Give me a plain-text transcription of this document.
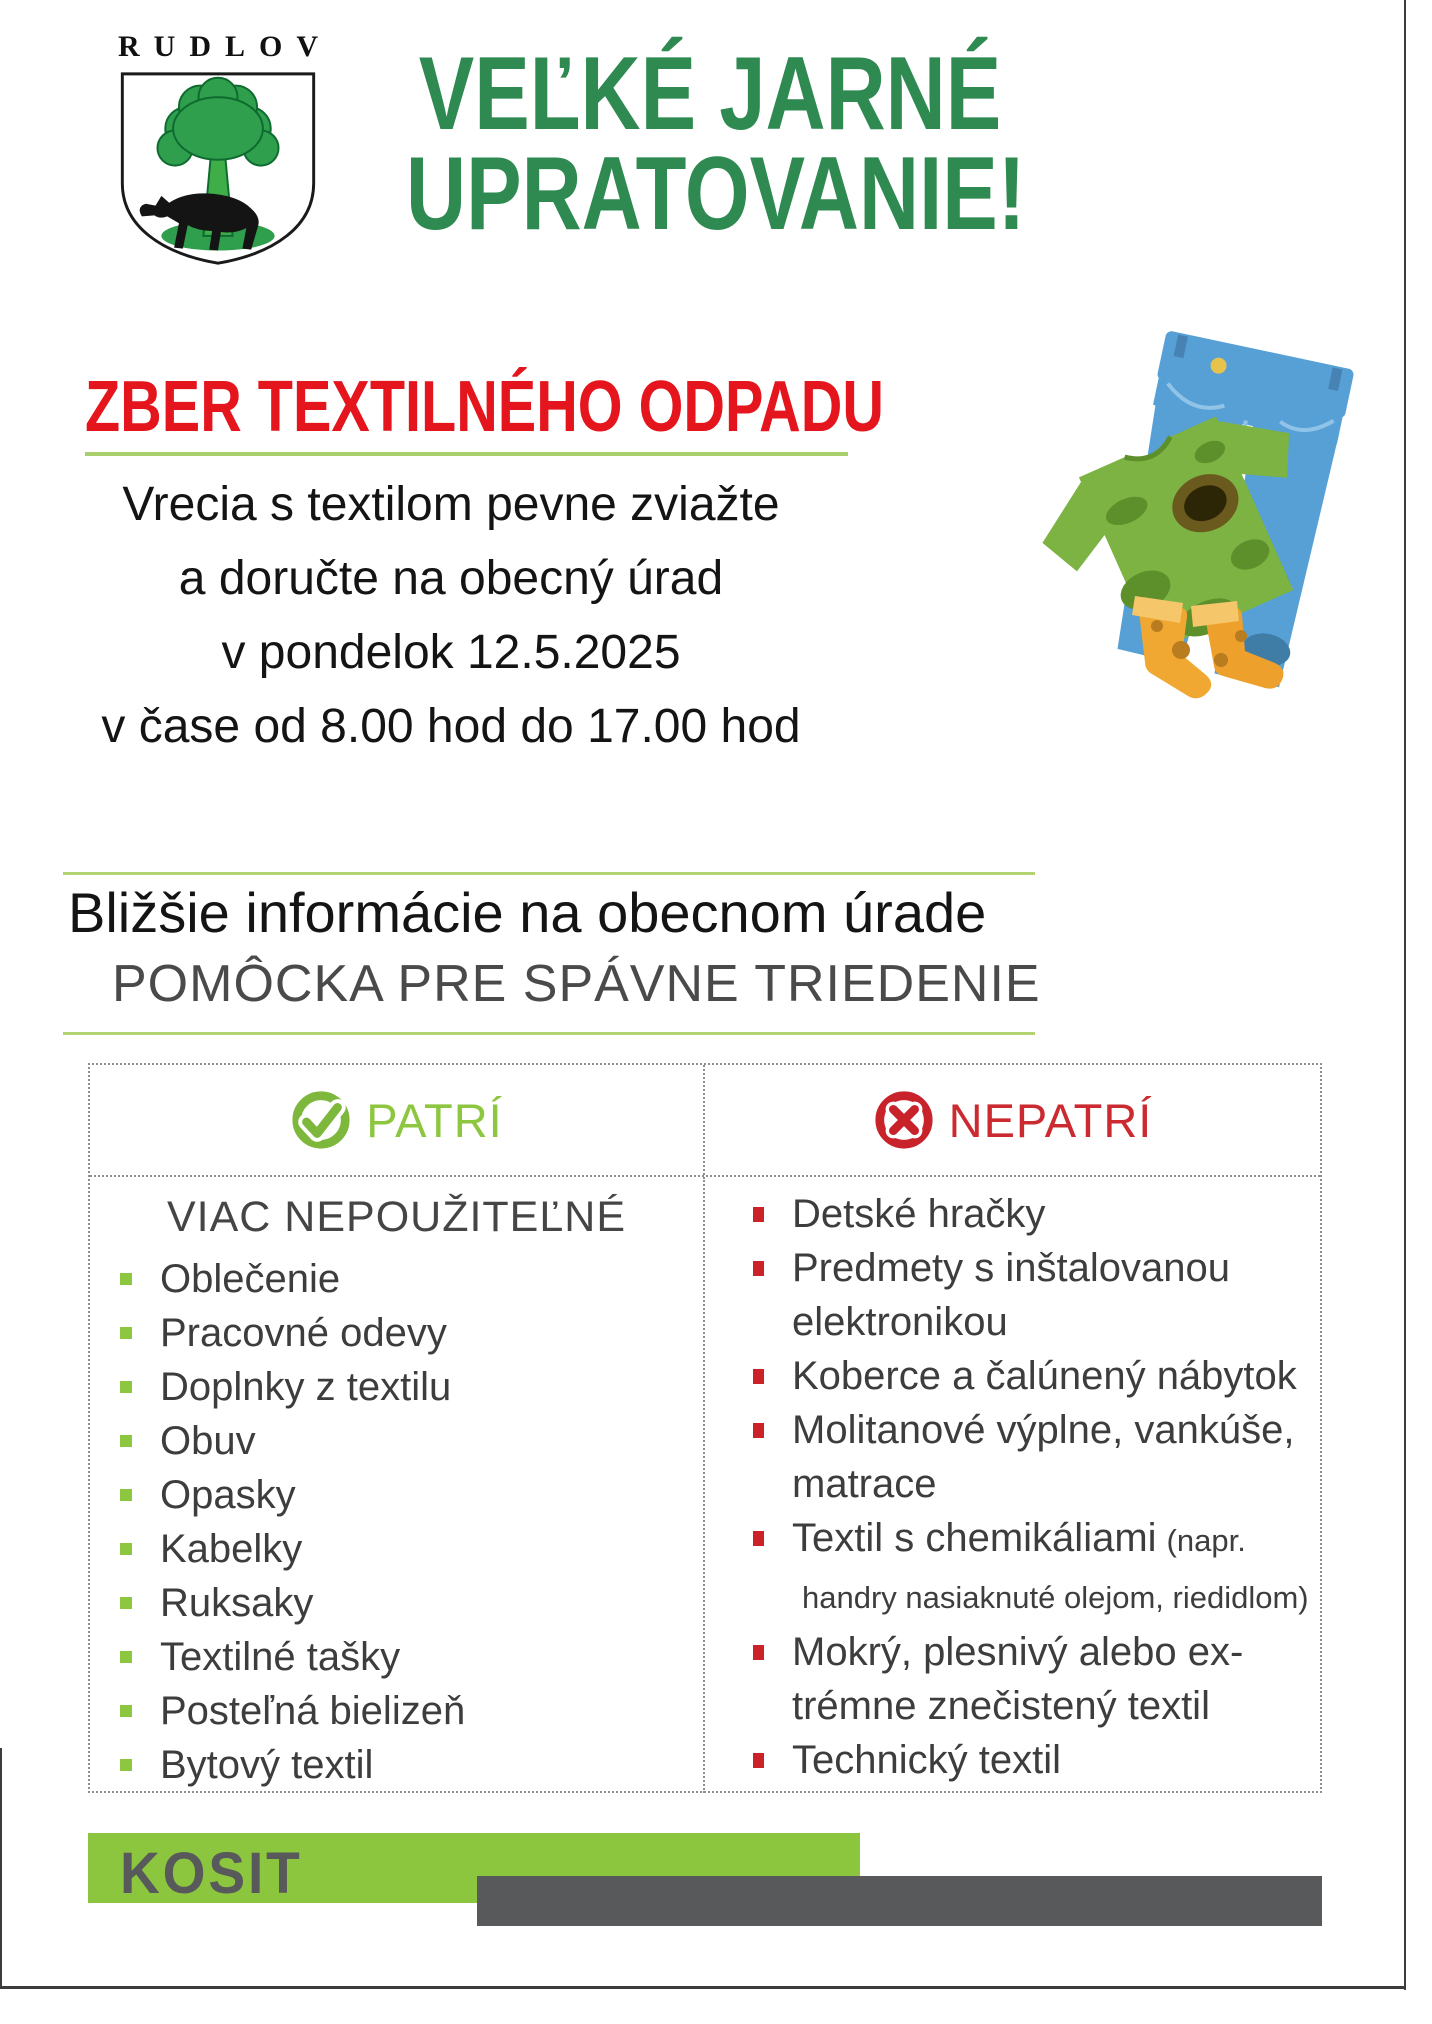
RUDLOV VEĽKÉ JARNÉ
UPRATOVANIE!
ZBER TEXTILNÉHO ODPADU
Vrecia s textilom pevne zviažte
a doručte na obecný úrad
v pondelok 12.5.2025
v čase od 8.00 hod do 17.00 hod
Bližšie informácie na obecnom úrade
POMÔCKA PRE SPÁVNE TRIEDENIE
PATRÍ	NEPATRÍ
VIAC NEPOUŽITEĽNÉ
Oblečenie
Pracovné odevy
Doplnky z textilu
Obuv
Opasky
Kabelky
Ruksaky
Textilné tašky
Posteľná bielizeň
Bytový textil
Detské hračky
Predmety s inštalovanou
elektronikou
Koberce a čalúnený nábytok
Molitanové výplne, vankúše,
matrace
Textil s chemikáliami (napr.
handry nasiaknuté olejom, riedidlom)
Mokrý, plesnivý alebo ex-
trémne znečistený textil
Technický textil
KOSIT
